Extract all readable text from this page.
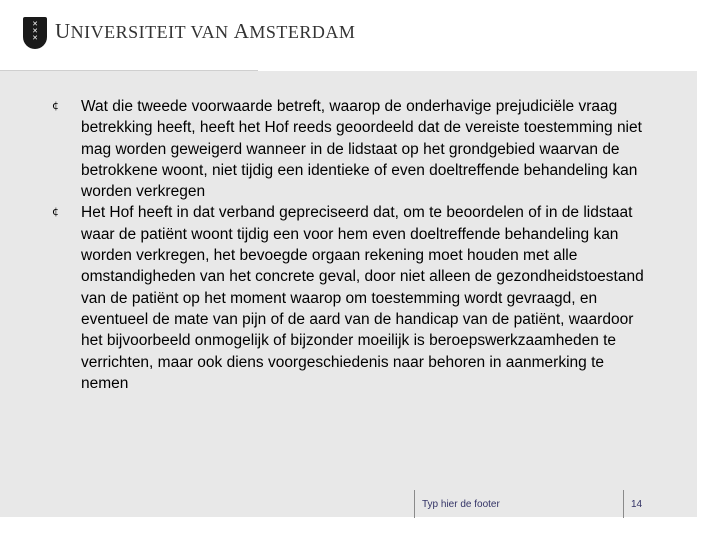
✕
✕
✕ UNIVERSITEIT VAN AMSTERDAM
¢ Wat die tweede voorwaarde betreft, waarop de onderhavige prejudiciële vraag betrekking heeft, heeft het Hof reeds geoordeeld dat de vereiste toestemming niet mag worden geweigerd wanneer in de lidstaat op het grondgebied waarvan de betrokkene woont, niet tijdig een identieke of even doeltreffende behandeling kan worden verkregen
¢ Het Hof heeft in dat verband gepreciseerd dat, om te beoordelen of in de lidstaat waar de patiënt woont tijdig een voor hem even doeltreffende behandeling kan worden verkregen, het bevoegde orgaan rekening moet houden met alle omstandigheden van het concrete geval, door niet alleen de gezondheidstoestand van de patiënt op het moment waarop om toestemming wordt gevraagd, en eventueel de mate van pijn of de aard van de handicap van de patiënt, waardoor het bijvoorbeeld onmogelijk of bijzonder moeilijk is beroepswerkzaamheden te verrichten, maar ook diens voorgeschiedenis naar behoren in aanmerking te nemen
Typ hier de footer	14
